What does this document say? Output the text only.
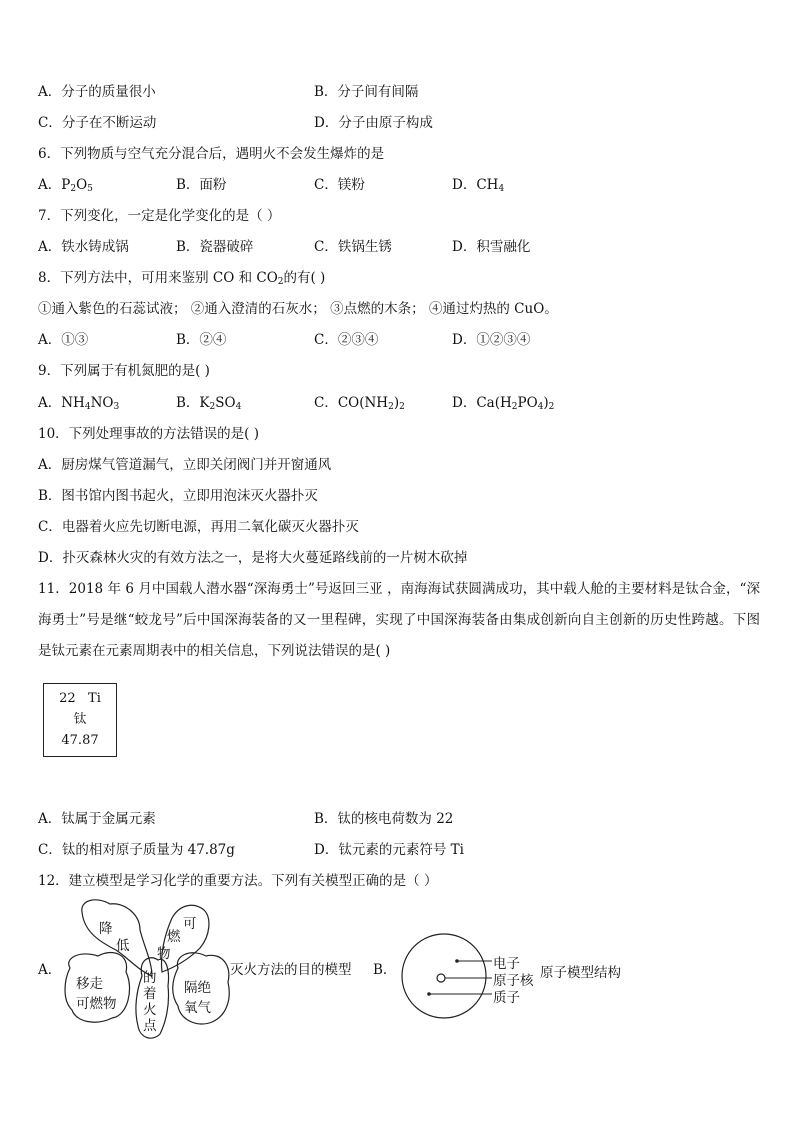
A．分子的质量很小	B．分子间有间隔
C．分子在不断运动	D．分子由原子构成
6．下列物质与空气充分混合后，遇明火不会发生爆炸的是
A．$P_2O_5$	B．面粉	C．镁粉	D．$CH_4$
7．下列变化，一定是化学变化的是（ ）
A．铁水铸成锅	B．瓷器破碎	C．铁锅生锈	D．积雪融化
8．下列方法中，可用来鉴别 CO 和 $CO_2$的有( )
①通入紫色的石蕊试液； ②通入澄清的石灰水； ③点燃的木条； ④通过灼热的 CuO。
A．①③	B．②④	C．②③④	D．①②③④
9．下列属于有机氮肥的是( )
A．$NH_4NO_3$	B．$K_2SO_4$	C．$CO(NH_2)_2$	D．$Ca(H_2PO_4)_2$
10．下列处理事故的方法错误的是( )
A．厨房煤气管道漏气，立即关闭阀门并开窗通风
B．图书馆内图书起火，立即用泡沫灭火器扑灭
C．电器着火应先切断电源，再用二氧化碳灭火器扑灭
D．扑灭森林火灾的有效方法之一，是将大火蔓延路线前的一片树木砍掉
11．2018 年 6 月中国载人潜水器“深海勇士”号返回三亚 ，南海海试获圆满成功，其中载人舱的主要材料是钛合金，“深海勇士”号是继“蛟龙号”后中国深海装备的又一里程碑，实现了中国深海装备由集成创新向自主创新的历史性跨越。下图是钛元素在元素周期表中的相关信息，下列说法错误的是( )
22 Ti
钛
47.87
A．钛属于金属元素	B．钛的核电荷数为 22
C．钛的相对原子质量为 47.87g	D．钛元素的元素符号 Ti
12．建立模型是学习化学的重要方法。下列有关模型正确的是（ ）
A．
降
低
可
燃
物
移走
可燃物
的
着
火
点
隔绝
氧气
灭火方法的目的模型 B．	电子
原子核
质子
原子模型结构
